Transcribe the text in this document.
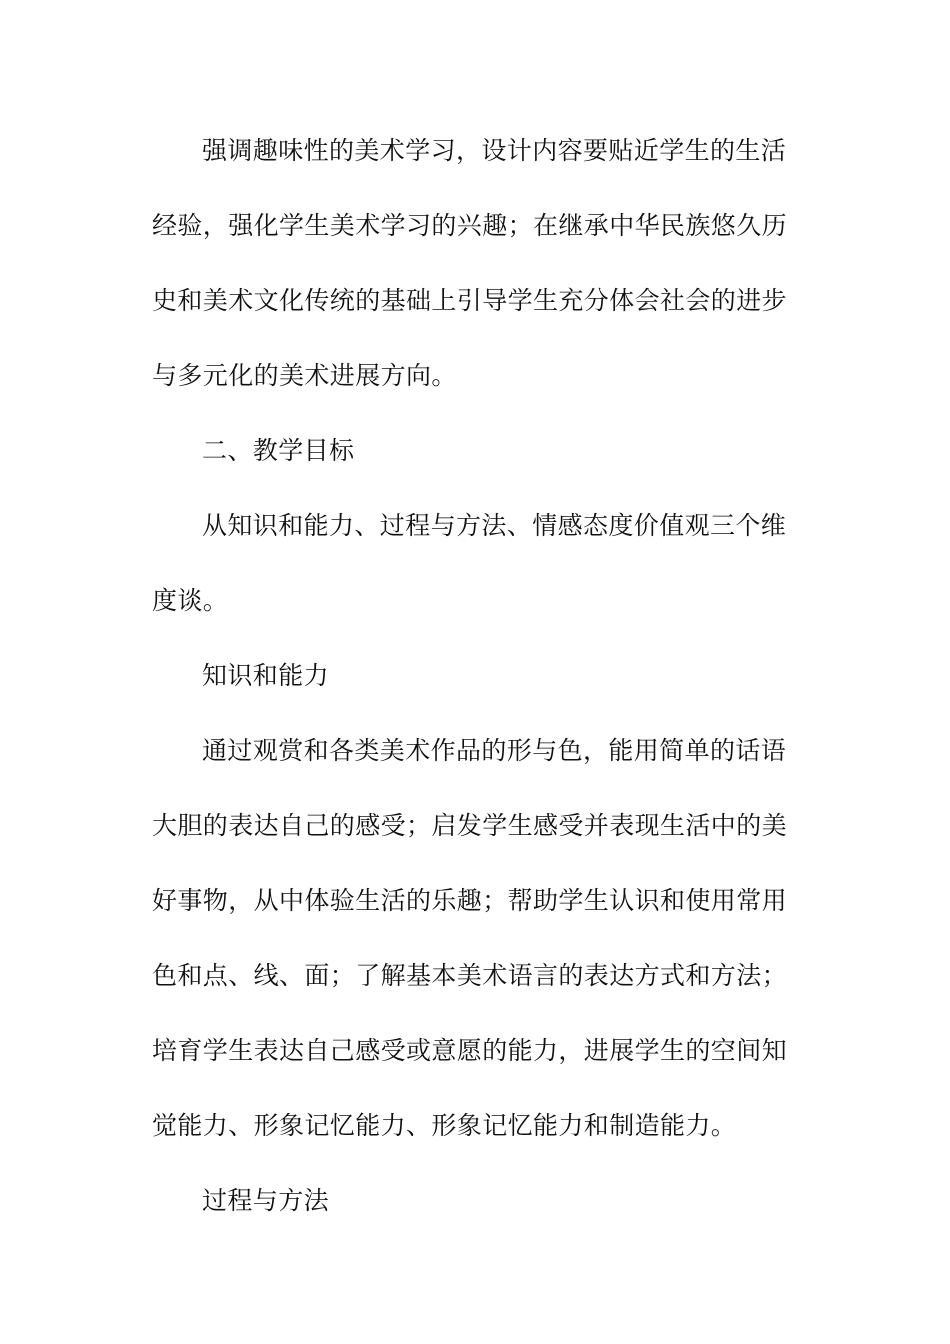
强调趣味性的美术学习，设计内容要贴近学生的生活
经验，强化学生美术学习的兴趣；在继承中华民族悠久历
史和美术文化传统的基础上引导学生充分体会社会的进步
与多元化的美术进展方向。
二、教学目标
从知识和能力、过程与方法、情感态度价值观三个维
度谈。
知识和能力
通过观赏和各类美术作品的形与色，能用简单的话语
大胆的表达自己的感受；启发学生感受并表现生活中的美
好事物，从中体验生活的乐趣；帮助学生认识和使用常用
色和点、线、面；了解基本美术语言的表达方式和方法；
培育学生表达自己感受或意愿的能力，进展学生的空间知
觉能力、形象记忆能力、形象记忆能力和制造能力。
过程与方法
